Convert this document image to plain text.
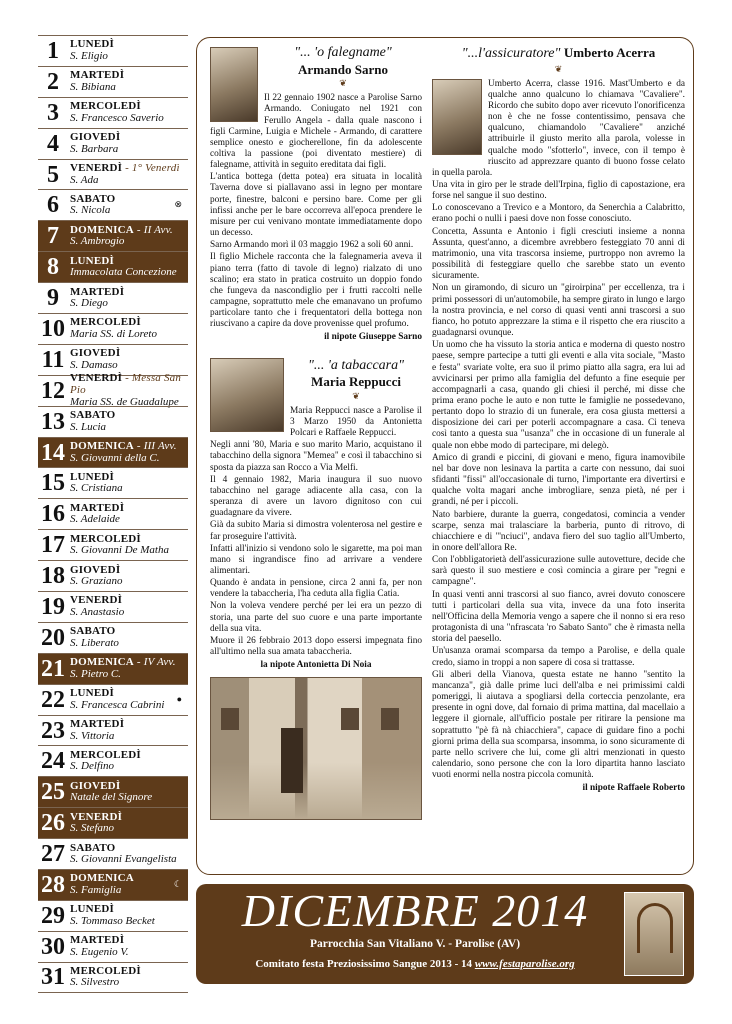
1	LUNEDÌ
S. Eligio
2	MARTEDÌ
S. Bibiana
3	MERCOLEDÌ
S. Francesco Saverio
4	GIOVEDÌ
S. Barbara
5	VENERDÌ - 1° Venerdì
S. Ada
6	SABATO
S. Nicola	⊗
7	DOMENICA - II Avv.
S. Ambrogio
8	LUNEDÌ
Immacolata Concezione
9	MARTEDÌ
S. Diego
10 MERCOLEDÌ
Maria SS. di Loreto
11 GIOVEDÌ
S. Damaso
12 VENERDÌ - Messa San Pio
Maria SS. de Guadalupe
13 SABATO
S. Lucia
14 DOMENICA - III Avv.
S. Giovanni della C.
15 LUNEDÌ
S. Cristiana
16 MARTEDÌ
S. Adelaide
17 MERCOLEDÌ
S. Giovanni De Matha
18 GIOVEDÌ
S. Graziano
19 VENERDÌ
S. Anastasio
20 SABATO
S. Liberato
21 DOMENICA - IV Avv.
S. Pietro C.
22 LUNEDÌ
S. Francesca Cabrini	●
23 MARTEDÌ
S. Vittoria
24 MERCOLEDÌ
S. Delfino
25 GIOVEDÌ
Natale del Signore
26 VENERDÌ
S. Stefano
27 SABATO
S. Giovanni Evangelista
28 DOMENICA
S. Famiglia	☾
29 LUNEDÌ
S. Tommaso Becket
30 MARTEDÌ
S. Eugenio V.
31 MERCOLEDÌ
S. Silvestro
"... 'o falegname"
Armando Sarno
❦

Il 22 gennaio 1902 nasce a Parolise Sarno Armando. Coniugato nel 1921 con Ferullo Angela - dalla quale nascono i figli Carmine, Luigia e Michele - Armando, di carattere semplice onesto e giocherellone, fin da adolescente coltiva la passione (poi diventato mestiere) di falegname, attività in seguito ereditata dai figli.

L'antica bottega (detta potea) era situata in località Taverna dove si piallavano assi in legno per montare porte, finestre, balconi e persino bare. Come per gli infissi anche per le bare occorreva all'epoca prendere le misure per cui venivano montate immediatamente dopo un decesso.

Sarno Armando morì il 03 maggio 1962 a soli 60 anni.

Il figlio Michele racconta che la falegnameria aveva il piano terra (fatto di tavole di legno) rialzato di uno scalino; era stato in pratica costruito un doppio fondo che fungeva da nascondiglio per i frutti raccolti nelle campagne, soprattutto mele che emanavano un profumo particolare tanto che i frequentatori della bottega non riuscivano a capire da dove provenisse quel profumo.

il nipote Giuseppe Sarno
"... 'a tabaccara"
Maria Reppucci
❦

Maria Reppucci nasce a Parolise il 3 Marzo 1950 da Antonietta Polcari e Raffaele Reppucci.

Negli anni '80, Maria e suo marito Mario, acquistano il tabacchino della signora "Memea" e così il tabacchino si sposta da piazza san Rocco a Via Melfi.

Il 4 gennaio 1982, Maria inaugura il suo nuovo tabacchino nel garage adiacente alla casa, con la speranza di avere un lavoro dignitoso con cui guadagnare da vivere.

Già da subito Maria si dimostra volenterosa nel gestire e far proseguire l'attività.

Infatti all'inizio si vendono solo le sigarette, ma poi man mano si ingrandisce fino ad arrivare a vendere alimentari.

Quando è andata in pensione, circa 2 anni fa, per non vendere la tabaccheria, l'ha ceduta alla figlia Catia.

Non la voleva vendere perché per lei era un pezzo di storia, una parte del suo cuore e una parte importante della sua vita.

Muore il 26 febbraio 2013 dopo essersi impegnata fino all'ultimo nella sua amata tabaccheria.

la nipote Antonietta Di Noia
"...l'assicuratore" Umberto Acerra
❦

Umberto Acerra, classe 1916. Mast'Umberto e da qualche anno qualcuno lo chiamava "Cavaliere". Ricordo che subito dopo aver ricevuto l'onorificenza non è che ne fosse contentissimo, pensava che qualcuno, chiamandolo "Cavaliere" anziché attribuirle il giusto merito alla parola, volesse in qualche modo "sfotterlo", invece, con il tempo è riuscito ad apprezzare quanto di buono fosse celato in quella parola.

Una vita in giro per le strade dell'Irpina, figlio di capostazione, era forse nel sangue il suo destino.

Lo conoscevano a Trevico e a Montoro, da Senerchia a Calabritto, erano pochi o nulli i paesi dove non fosse conosciuto.

Concetta, Assunta e Antonio i figli cresciuti insieme a nonna Assunta, quest'anno, a dicembre avrebbero festeggiato 70 anni di matrimonio, una vita trascorsa insieme, purtroppo non avremo la possibilità di festeggiare quello che sarebbe stato un evento sicuramente.

Non un giramondo, di sicuro un "giroirpina" per eccellenza, tra i primi possessori di un'automobile, ha sempre girato in lungo e largo la nostra provincia, e nel corso di quasi venti anni trascorsi a suo fianco, ho potuto apprezzare la stima e il rispetto che era riuscito a guadagnarsi ovunque.

Un uomo che ha vissuto la storia antica e moderna di questo nostro paese, sempre partecipe a tutti gli eventi e alla vita sociale, "Masto e festa" svariate volte, era suo il primo piatto alla sagra, era lui ad avvicinarsi per primo alla famiglia del defunto a fine esequie per accompagnarli a casa, quando gli chiesi il perché, mi disse che prima erano poche le auto e non tutte le famiglie ne possedevano, pertanto dopo lo strazio di un funerale, era cosa giusta mettersi a disposizione dei cari per poterli accompagnare a casa. Ci teneva così tanto a questa sua "usanza" che in occasione di un funerale al quale non ebbe modo di partecipare, mi delegò.

Amico di grandi e piccini, di giovani e meno, figura inamovibile nel bar dove non lesinava la partita a carte con nessuno, dai suoi sfidanti "fissi" all'occasionale di turno, l'importante era divertirsi e qualche volta magari anche imbrogliare, senza pietà, né per i grandi, né per i piccoli.

Nato barbiere, durante la guerra, congedatosi, comincia a vender scarpe, senza mai tralasciare la barberia, punto di ritrovo, di chiacchiere e di "'nciuci", andava fiero del suo taglio all'Umberto, in onore dell'allora Re.

Con l'obbligatorietà dell'assicurazione sulle autovetture, decide che sarà questo il suo mestiere e così comincia a girare per "regni e campagne".

In quasi venti anni trascorsi al suo fianco, avrei dovuto conoscere tutti i particolari della sua vita, invece da una foto inserita nell'Officina della Memoria vengo a sapere che il nonno si era reso protagonista di una "nfrascata 'ro Sabato Santo" che è rimasta nella storia del paesello.

Un'usanza oramai scomparsa da tempo a Parolise, e della quale credo, siamo in troppi a non sapere di cosa si trattasse.

Gli alberi della Vianova, questa estate ne hanno "sentito la mancanza", già dalle prime luci dell'alba e nei primissimi caldi pomeriggi, li aiutava a spogliarsi della corteccia penzolante, era presente in ogni dove, dal fornaio di prima mattina, dal macellaio a leggere il giornale, all'ufficio postale per ritirare la pensione ma soprattutto "pè fà nà chiacchiera", capace di guidare fino a pochi giorni prima della sua scomparsa, insomma, io sono sicuramente di parte nello scrivere che lui, come gli altri menzionati in questo calendario, sono persone che con la loro dipartita hanno lasciato vuoti enormi nella nostra piccola comunità.

il nipote Raffaele Roberto
DICEMBRE 2014
Parrocchia San Vitaliano V. - Parolise (AV)
Comitato festa Preziosissimo Sangue 2013 - 14 www.festaparolise.org
